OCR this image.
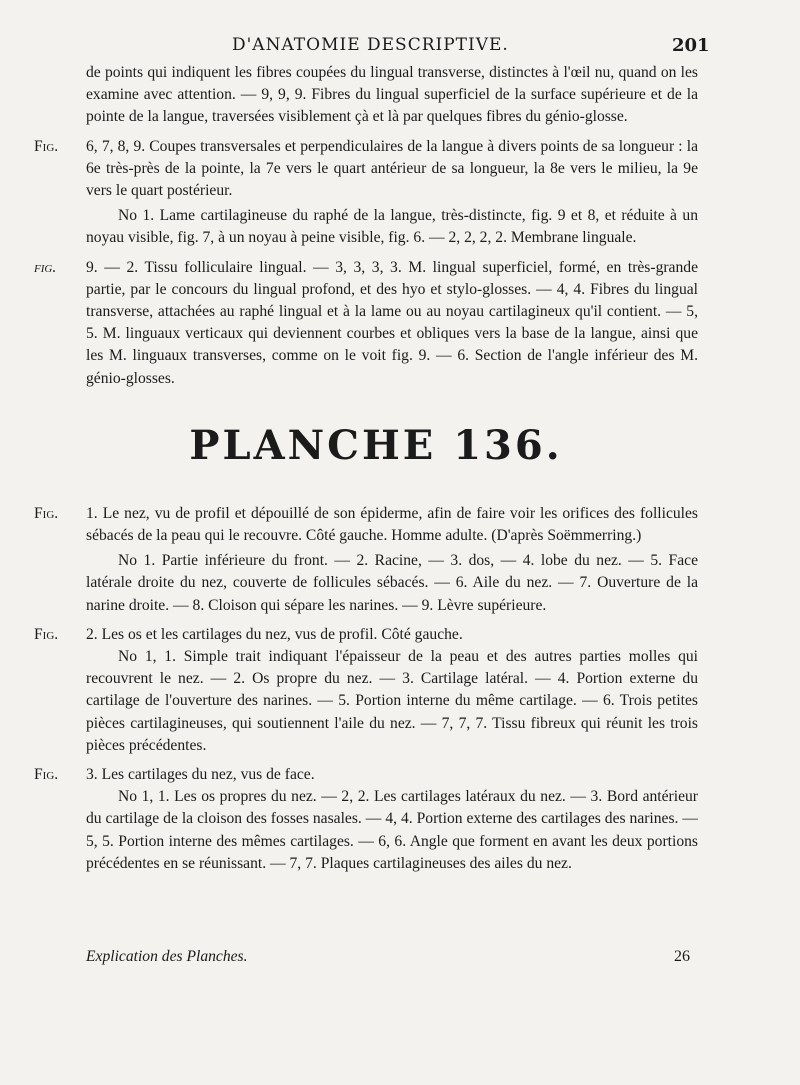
D'ANATOMIE DESCRIPTIVE.	201
de points qui indiquent les fibres coupées du lingual transverse, distinctes à l'œil nu, quand on les examine avec attention. — 9, 9, 9. Fibres du lingual superficiel de la surface supérieure et de la pointe de la langue, traversées visiblement çà et là par quelques fibres du génio-glosse.
Fig. 6, 7, 8, 9. Coupes transversales et perpendiculaires de la langue à divers points de sa longueur : la 6e très-près de la pointe, la 7e vers le quart antérieur de sa longueur, la 8e vers le milieu, la 9e vers le quart postérieur.
No 1. Lame cartilagineuse du raphé de la langue, très-distincte, fig. 9 et 8, et réduite à un noyau visible, fig. 7, à un noyau à peine visible, fig. 6. — 2, 2, 2, 2. Membrane linguale.
fig. 9. — 2. Tissu folliculaire lingual. — 3, 3, 3, 3. M. lingual superficiel, formé, en très-grande partie, par le concours du lingual profond, et des hyo et stylo-glosses. — 4, 4. Fibres du lingual transverse, attachées au raphé lingual et à la lame ou au noyau cartilagineux qu'il contient. — 5, 5. M. linguaux verticaux qui deviennent courbes et obliques vers la base de la langue, ainsi que les M. linguaux transverses, comme on le voit fig. 9. — 6. Section de l'angle inférieur des M. génio-glosses.
PLANCHE 136.
Fig. 1. Le nez, vu de profil et dépouillé de son épiderme, afin de faire voir les orifices des follicules sébacés de la peau qui le recouvre. Côté gauche. Homme adulte. (D'après Soëmmerring.)
No 1. Partie inférieure du front. — 2. Racine, — 3. dos, — 4. lobe du nez. — 5. Face latérale droite du nez, couverte de follicules sébacés. — 6. Aile du nez. — 7. Ouverture de la narine droite. — 8. Cloison qui sépare les narines. — 9. Lèvre supérieure.
Fig. 2. Les os et les cartilages du nez, vus de profil. Côté gauche.
No 1, 1. Simple trait indiquant l'épaisseur de la peau et des autres parties molles qui recouvrent le nez. — 2. Os propre du nez. — 3. Cartilage latéral. — 4. Portion externe du cartilage de l'ouverture des narines. — 5. Portion interne du même cartilage. — 6. Trois petites pièces cartilagineuses, qui soutiennent l'aile du nez. — 7, 7, 7. Tissu fibreux qui réunit les trois pièces précédentes.
Fig. 3. Les cartilages du nez, vus de face.
No 1, 1. Les os propres du nez. — 2, 2. Les cartilages latéraux du nez. — 3. Bord antérieur du cartilage de la cloison des fosses nasales. — 4, 4. Portion externe des cartilages des narines. — 5, 5. Portion interne des mêmes cartilages. — 6, 6. Angle que forment en avant les deux portions précédentes en se réunissant. — 7, 7. Plaques cartilagineuses des ailes du nez.
Explication des Planches.	26
